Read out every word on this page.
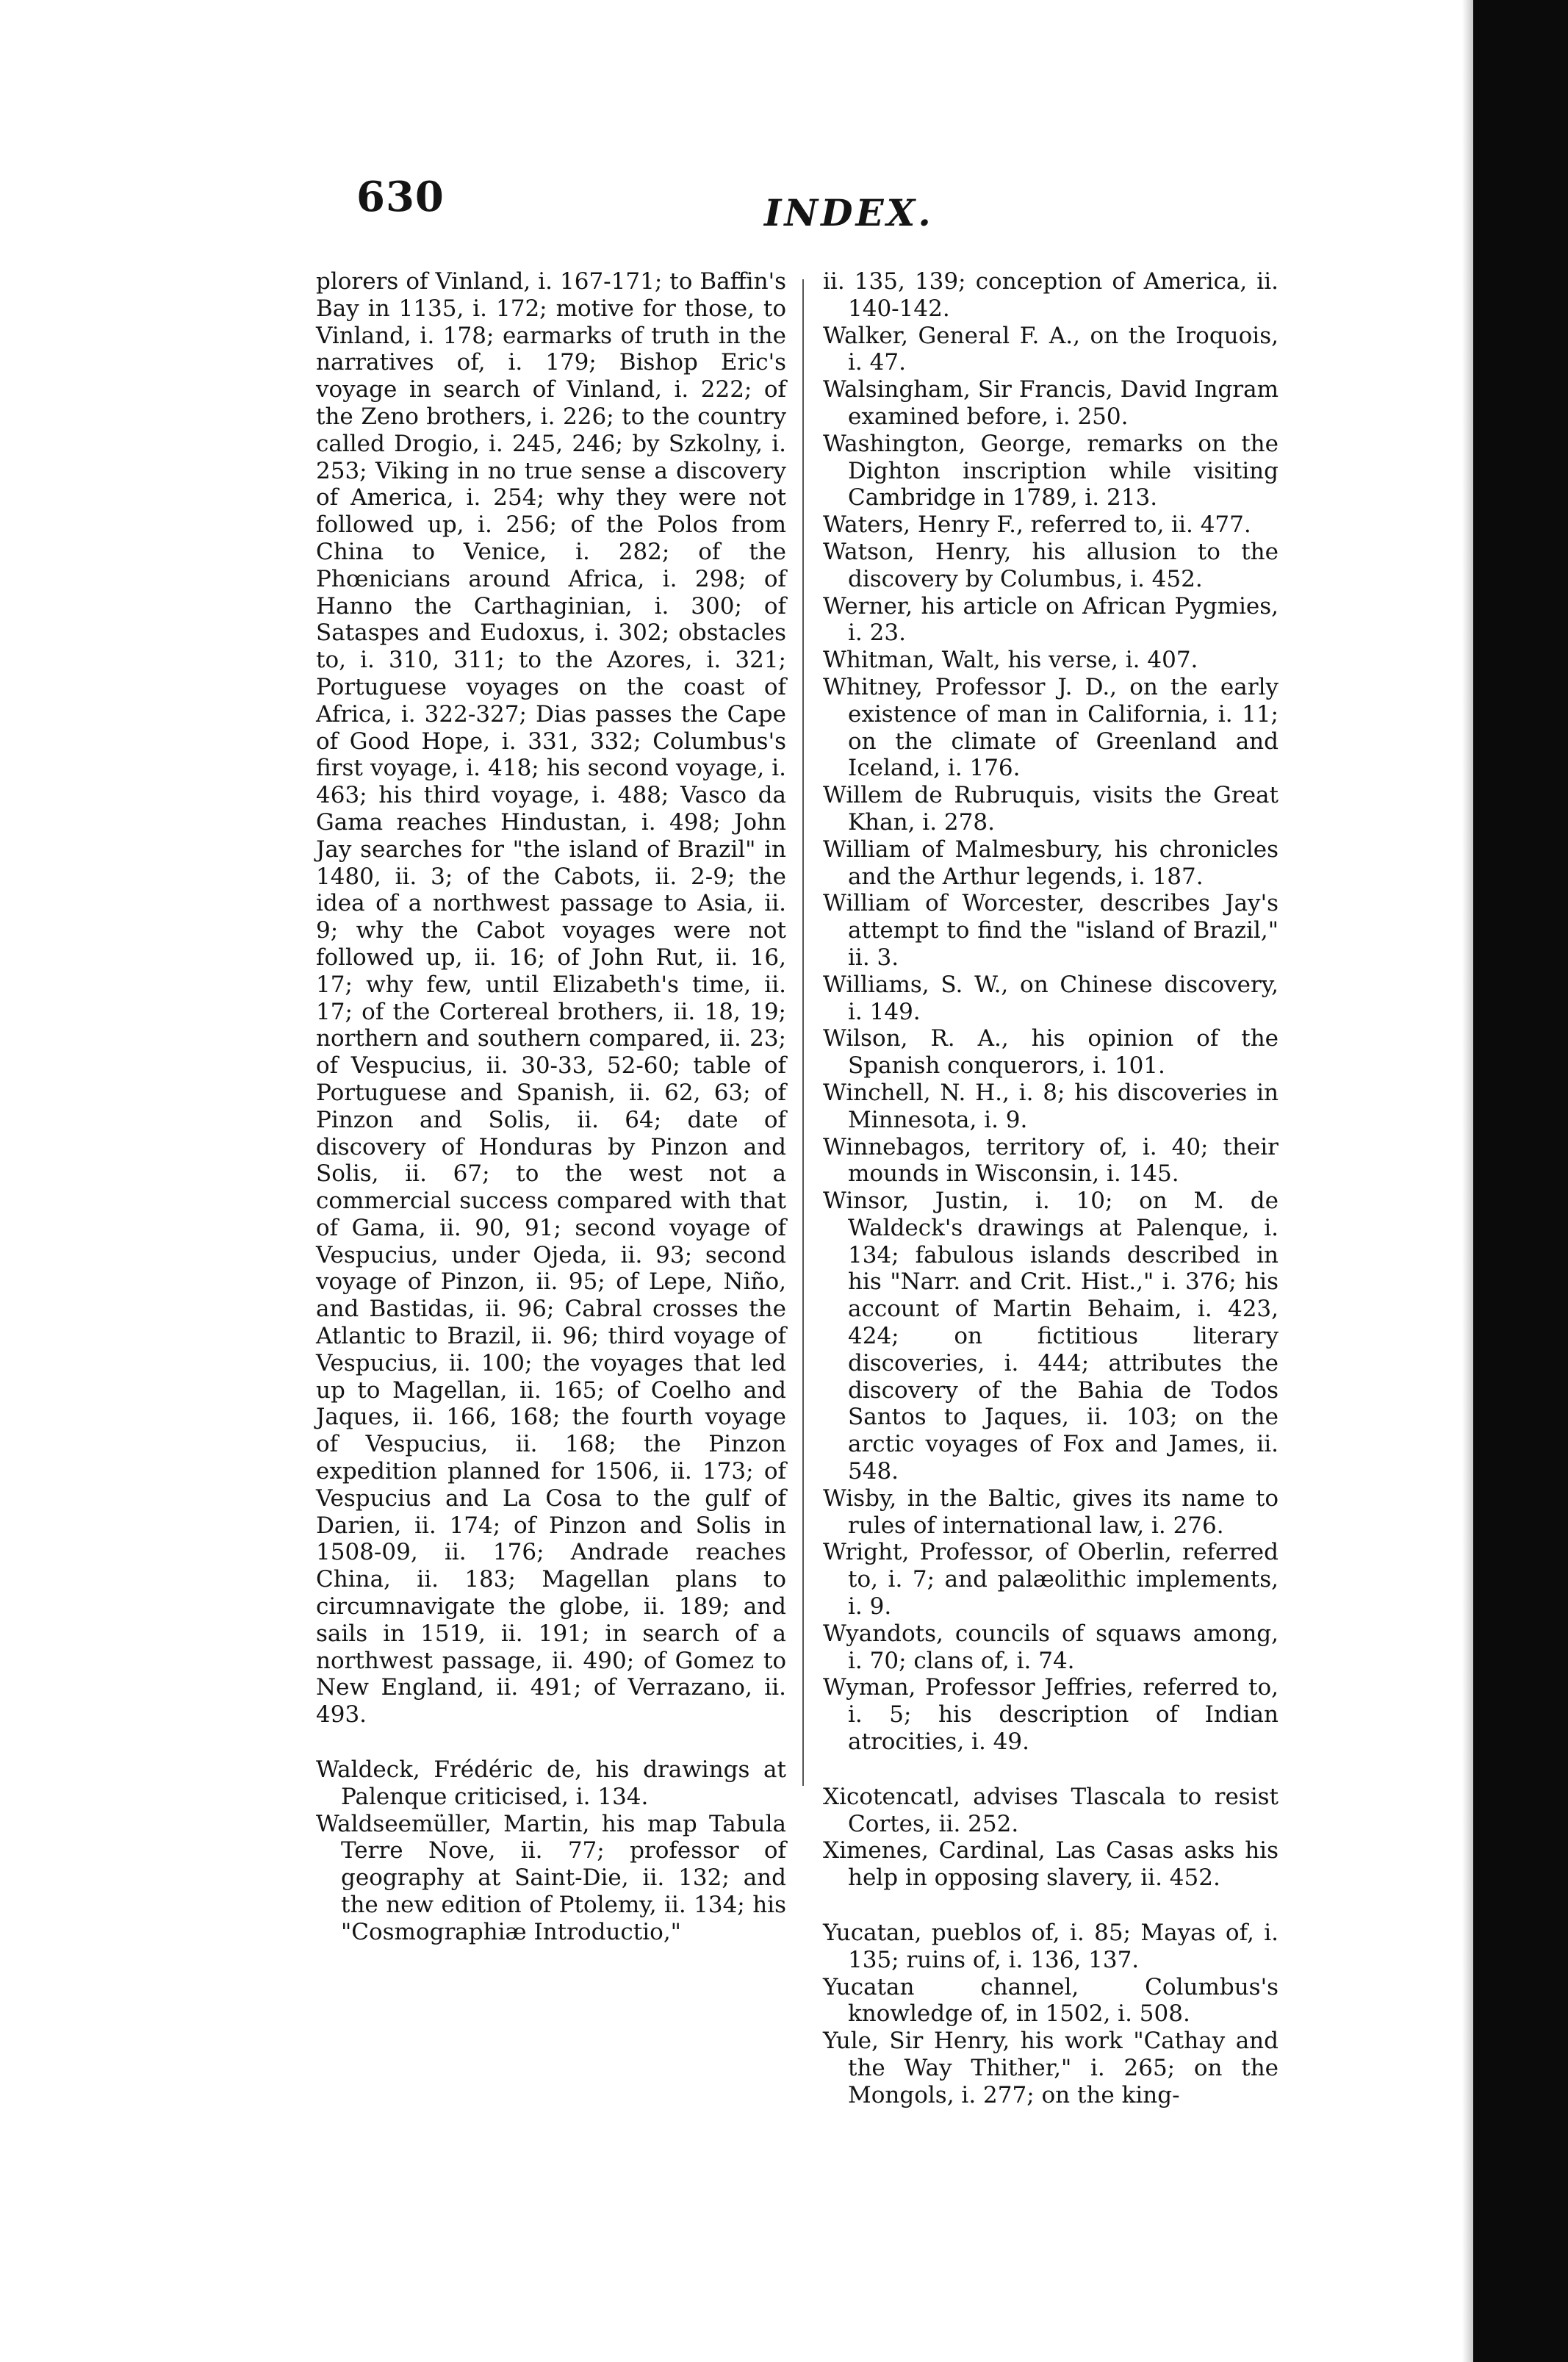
630	INDEX.

plorers of Vinland, i. 167-171; to Baffin's Bay in 1135, i. 172; motive for those, to Vinland, i. 178; earmarks of truth in the narratives of, i. 179; Bishop Eric's voyage in search of Vinland, i. 222; of the Zeno brothers, i. 226; to the country called Drogio, i. 245, 246; by Szkolny, i. 253; Viking in no true sense a discovery of America, i. 254; why they were not followed up, i. 256; of the Polos from China to Venice, i. 282; of the Phœnicians around Africa, i. 298; of Hanno the Carthaginian, i. 300; of Sataspes and Eudoxus, i. 302; obstacles to, i. 310, 311; to the Azores, i. 321; Portuguese voyages on the coast of Africa, i. 322-327; Dias passes the Cape of Good Hope, i. 331, 332; Columbus's first voyage, i. 418; his second voyage, i. 463; his third voyage, i. 488; Vasco da Gama reaches Hindustan, i. 498; John Jay searches for "the island of Brazil" in 1480, ii. 3; of the Cabots, ii. 2-9; the idea of a northwest passage to Asia, ii. 9; why the Cabot voyages were not followed up, ii. 16; of John Rut, ii. 16, 17; why few, until Elizabeth's time, ii. 17; of the Cortereal brothers, ii. 18, 19; northern and southern compared, ii. 23; of Vespucius, ii. 30-33, 52-60; table of Portuguese and Spanish, ii. 62, 63; of Pinzon and Solis, ii. 64; date of discovery of Honduras by Pinzon and Solis, ii. 67; to the west not a commercial success compared with that of Gama, ii. 90, 91; second voyage of Vespucius, under Ojeda, ii. 93; second voyage of Pinzon, ii. 95; of Lepe, Niño, and Bastidas, ii. 96; Cabral crosses the Atlantic to Brazil, ii. 96; third voyage of Vespucius, ii. 100; the voyages that led up to Magellan, ii. 165; of Coelho and Jaques, ii. 166, 168; the fourth voyage of Vespucius, ii. 168; the Pinzon expedition planned for 1506, ii. 173; of Vespucius and La Cosa to the gulf of Darien, ii. 174; of Pinzon and Solis in 1508-09, ii. 176; Andrade reaches China, ii. 183; Magellan plans to circumnavigate the globe, ii. 189; and sails in 1519, ii. 191; in search of a northwest passage, ii. 490; of Gomez to New England, ii. 491; of Verrazano, ii. 493.

Waldeck, Frédéric de, his drawings at Palenque criticised, i. 134.

Waldseemüller, Martin, his map Tabula Terre Nove, ii. 77; professor of geography at Saint-Die, ii. 132; and the new edition of Ptolemy, ii. 134; his "Cosmographiæ Introductio,"

ii. 135, 139; conception of America, ii. 140-142.

Walker, General F. A., on the Iroquois, i. 47.

Walsingham, Sir Francis, David Ingram examined before, i. 250.

Washington, George, remarks on the Dighton inscription while visiting Cambridge in 1789, i. 213.

Waters, Henry F., referred to, ii. 477.

Watson, Henry, his allusion to the discovery by Columbus, i. 452.

Werner, his article on African Pygmies, i. 23.

Whitman, Walt, his verse, i. 407.

Whitney, Professor J. D., on the early existence of man in California, i. 11; on the climate of Greenland and Iceland, i. 176.

Willem de Rubruquis, visits the Great Khan, i. 278.

William of Malmesbury, his chronicles and the Arthur legends, i. 187.

William of Worcester, describes Jay's attempt to find the "island of Brazil," ii. 3.

Williams, S. W., on Chinese discovery, i. 149.

Wilson, R. A., his opinion of the Spanish conquerors, i. 101.

Winchell, N. H., i. 8; his discoveries in Minnesota, i. 9.

Winnebagos, territory of, i. 40; their mounds in Wisconsin, i. 145.

Winsor, Justin, i. 10; on M. de Waldeck's drawings at Palenque, i. 134; fabulous islands described in his "Narr. and Crit. Hist.," i. 376; his account of Martin Behaim, i. 423, 424; on fictitious literary discoveries, i. 444; attributes the discovery of the Bahia de Todos Santos to Jaques, ii. 103; on the arctic voyages of Fox and James, ii. 548.

Wisby, in the Baltic, gives its name to rules of international law, i. 276.

Wright, Professor, of Oberlin, referred to, i. 7; and palæolithic implements, i. 9.

Wyandots, councils of squaws among, i. 70; clans of, i. 74.

Wyman, Professor Jeffries, referred to, i. 5; his description of Indian atrocities, i. 49.

Xicotencatl, advises Tlascala to resist Cortes, ii. 252.

Ximenes, Cardinal, Las Casas asks his help in opposing slavery, ii. 452.

Yucatan, pueblos of, i. 85; Mayas of, i. 135; ruins of, i. 136, 137.

Yucatan channel, Columbus's knowledge of, in 1502, i. 508.

Yule, Sir Henry, his work "Cathay and the Way Thither," i. 265; on the Mongols, i. 277; on the king-
